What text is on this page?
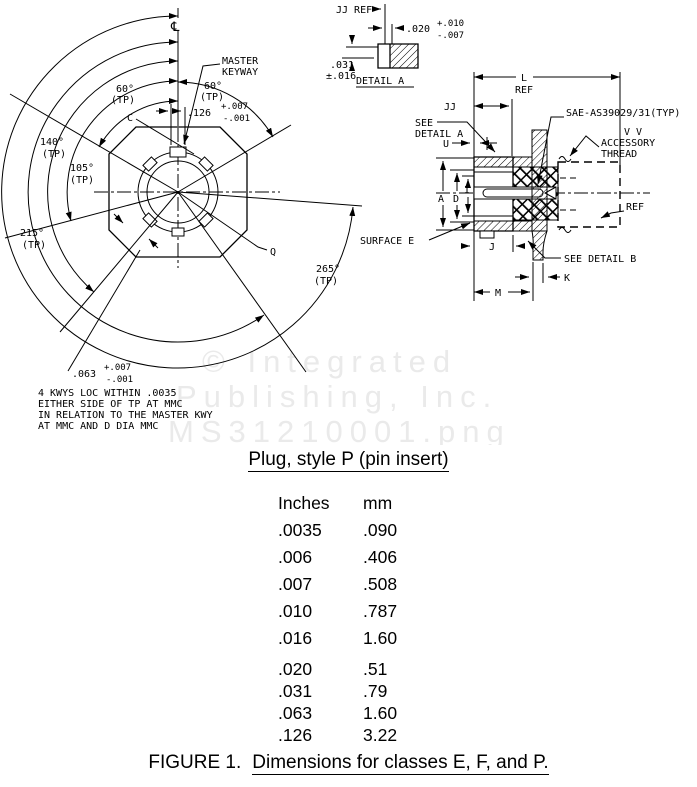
© Integrated
Publishing, Inc.
MS31210001.png
℄
.126
+.007
-.001
MASTER
KEYWAY
C
60°
(TP)
60°
(TP)
140°
(TP)
105°
(TP)
215°
(TP)
265°
(TP)
Q
.063
+.007
-.001
4 KWYS LOC WITHIN .0035
EITHER SIDE OF TP AT MMC
IN RELATION TO THE MASTER KWY
AT MMC AND D DIA MMC
JJ REF
.020 +.010
-.007
.031
±.016 DETAIL A	L
REF
JJ
SEE
DETAIL A
U
SAE-AS39029/31(TYP)
V V
ACCESSORY
THREAD
REF
A D
I
SURFACE E
J
SEE DETAIL B
K
M
Plug, style P (pin insert)
Inches	mm
.0035	.090
.006	.406
.007	.508
.010	.787
.016	1.60
.020	.51
.031	.79
.063	1.60
.126	3.22
FIGURE 1. Dimensions for classes E, F, and P.
